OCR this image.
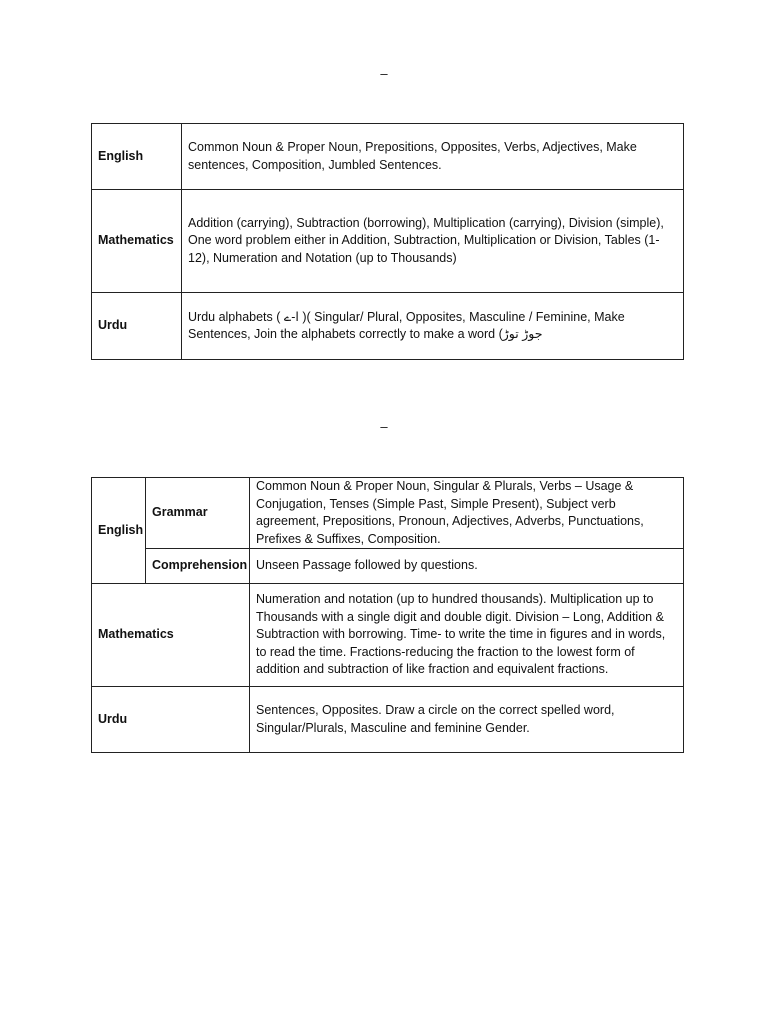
–
English	Common Noun & Proper Noun, Prepositions, Opposites, Verbs, Adjectives, Make sentences, Composition, Jumbled Sentences.
Mathematics	Addition (carrying), Subtraction (borrowing), Multiplication (carrying), Division (simple), One word problem either in Addition, Subtraction, Multiplication or Division, Tables (1-12), Numeration and Notation (up to Thousands)
Urdu	Urdu alphabets ( ا-ے )( Singular/ Plural, Opposites, Masculine / Feminine, Make Sentences, Join the alphabets correctly to make a word (جوڑ توڑ
–
English	Grammar	Common Noun & Proper Noun, Singular & Plurals, Verbs – Usage & Conjugation, Tenses (Simple Past, Simple Present), Subject verb agreement, Prepositions, Pronoun, Adjectives, Adverbs, Punctuations, Prefixes & Suffixes, Composition.
	Comprehension	Unseen Passage followed by questions.
Mathematics		Numeration and notation (up to hundred thousands). Multiplication up to Thousands with a single digit and double digit. Division – Long, Addition & Subtraction with borrowing. Time- to write the time in figures and in words, to read the time. Fractions-reducing the fraction to the lowest form of addition and subtraction of like fraction and equivalent fractions.
Urdu		Sentences, Opposites. Draw a circle on the correct spelled word, Singular/Plurals, Masculine and feminine Gender.
